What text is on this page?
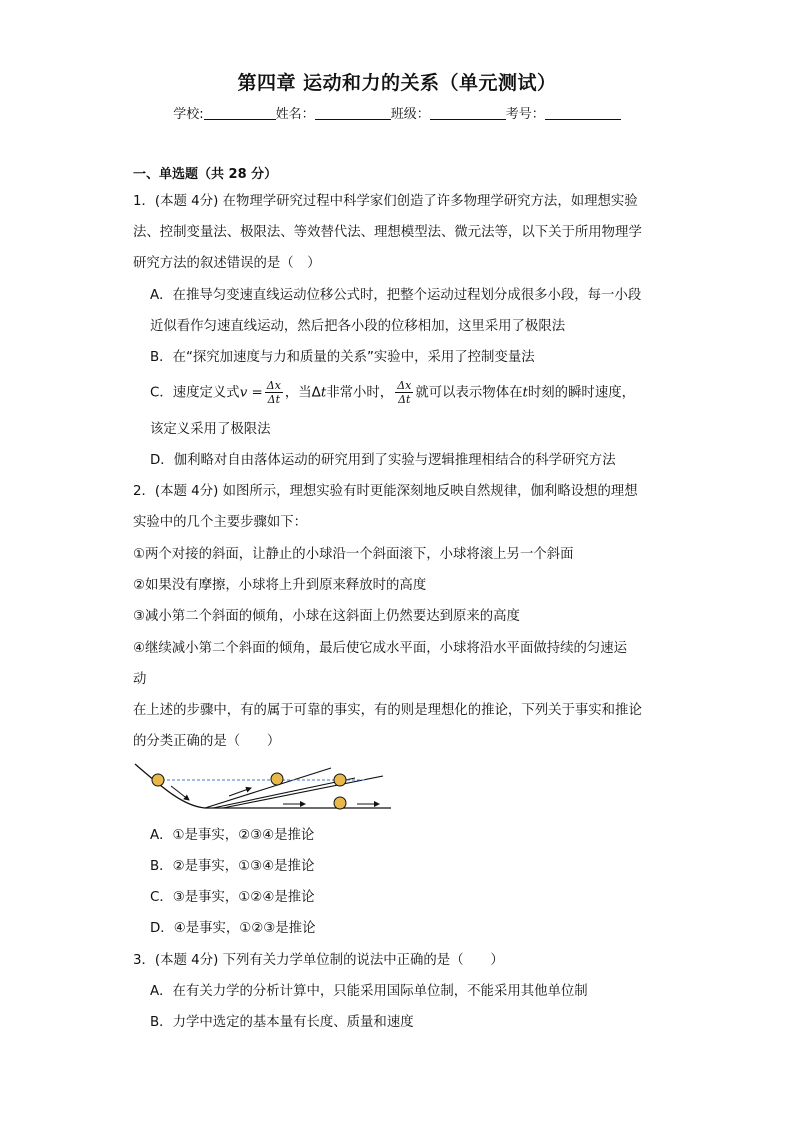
第四章 运动和力的关系（单元测试）
学校:	姓名：	班级：	考号：
一、单选题（共 28 分）
1．(本题 4分) 在物理学研究过程中科学家们创造了许多物理学研究方法，如理想实验
法、控制变量法、极限法、等效替代法、理想模型法、微元法等，以下关于所用物理学
研究方法的叙述错误的是（　）
A．在推导匀变速直线运动位移公式时，把整个运动过程划分成很多小段，每一小段
近似看作匀速直线运动，然后把各小段的位移相加，这里采用了极限法
B．在“探究加速度与力和质量的关系”实验中，采用了控制变量法
C．速度定义式$v = \frac{\Delta x}{\Delta t}$ ，当Δt非常小时， $\frac{\Delta x}{\Delta t}$ 就可以表示物体在t时刻的瞬时速度，
该定义采用了极限法
D．伽利略对自由落体运动的研究用到了实验与逻辑推理相结合的科学研究方法
2．(本题 4分) 如图所示，理想实验有时更能深刻地反映自然规律，伽利略设想的理想
实验中的几个主要步骤如下：
①两个对接的斜面，让静止的小球沿一个斜面滚下，小球将滚上另一个斜面
②如果没有摩擦，小球将上升到原来释放时的高度
③减小第二个斜面的倾角，小球在这斜面上仍然要达到原来的高度
④继续减小第二个斜面的倾角，最后使它成水平面，小球将沿水平面做持续的匀速运
动
在上述的步骤中，有的属于可靠的事实，有的则是理想化的推论，下列关于事实和推论
的分类正确的是（　　）
A．①是事实，②③④是推论
B．②是事实，①③④是推论
C．③是事实，①②④是推论
D．④是事实，①②③是推论
3．(本题 4分) 下列有关力学单位制的说法中正确的是（　　）
A．在有关力学的分析计算中，只能采用国际单位制，不能采用其他单位制
B．力学中选定的基本量有长度、质量和速度
